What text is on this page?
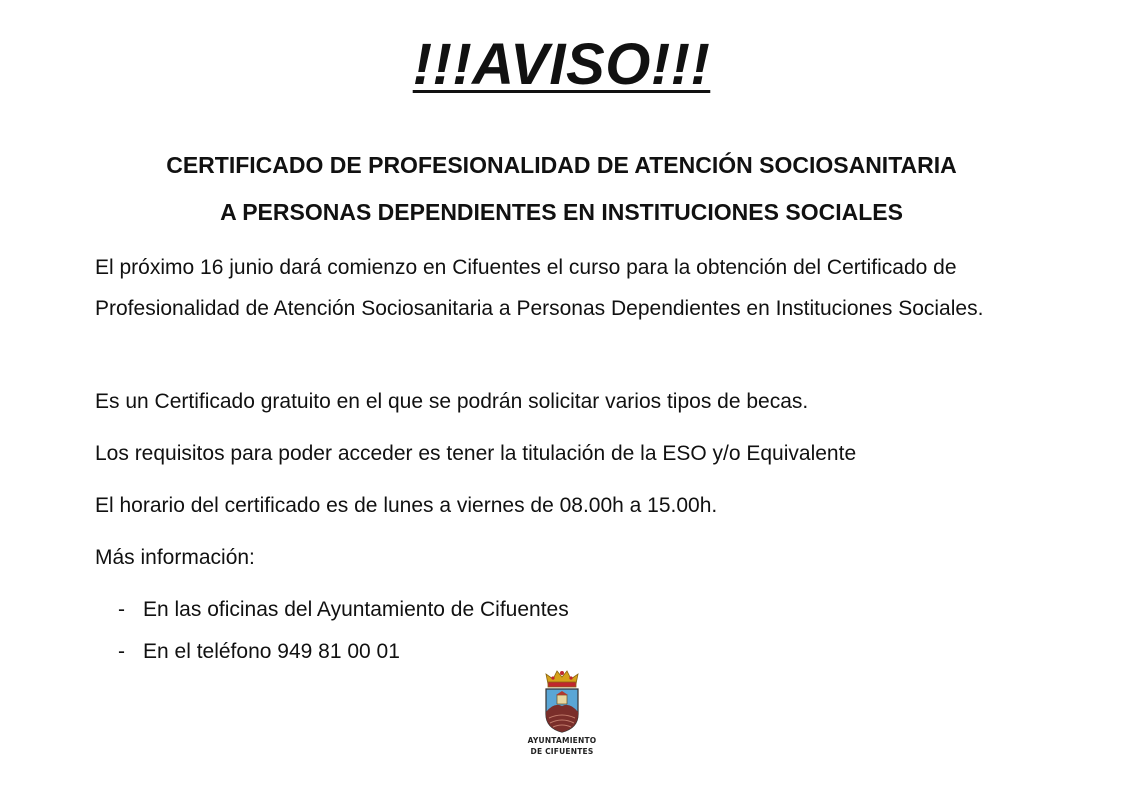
!!!AVISO!!!
CERTIFICADO DE PROFESIONALIDAD DE ATENCIÓN SOCIOSANITARIA
A PERSONAS DEPENDIENTES EN INSTITUCIONES SOCIALES

El próximo 16 junio dará comienzo en Cifuentes el curso para la obtención del Certificado de Profesionalidad de Atención Sociosanitaria a Personas Dependientes en Instituciones Sociales.

Es un Certificado gratuito en el que se podrán solicitar varios tipos de becas.

Los requisitos para poder acceder es tener la titulación de la ESO y/o Equivalente

El horario del certificado es de lunes a viernes de 08.00h a 15.00h.

Más información:

- En las oficinas del Ayuntamiento de Cifuentes
- En el teléfono 949 81 00 01
AYUNTAMIENTO
DE CIFUENTES
